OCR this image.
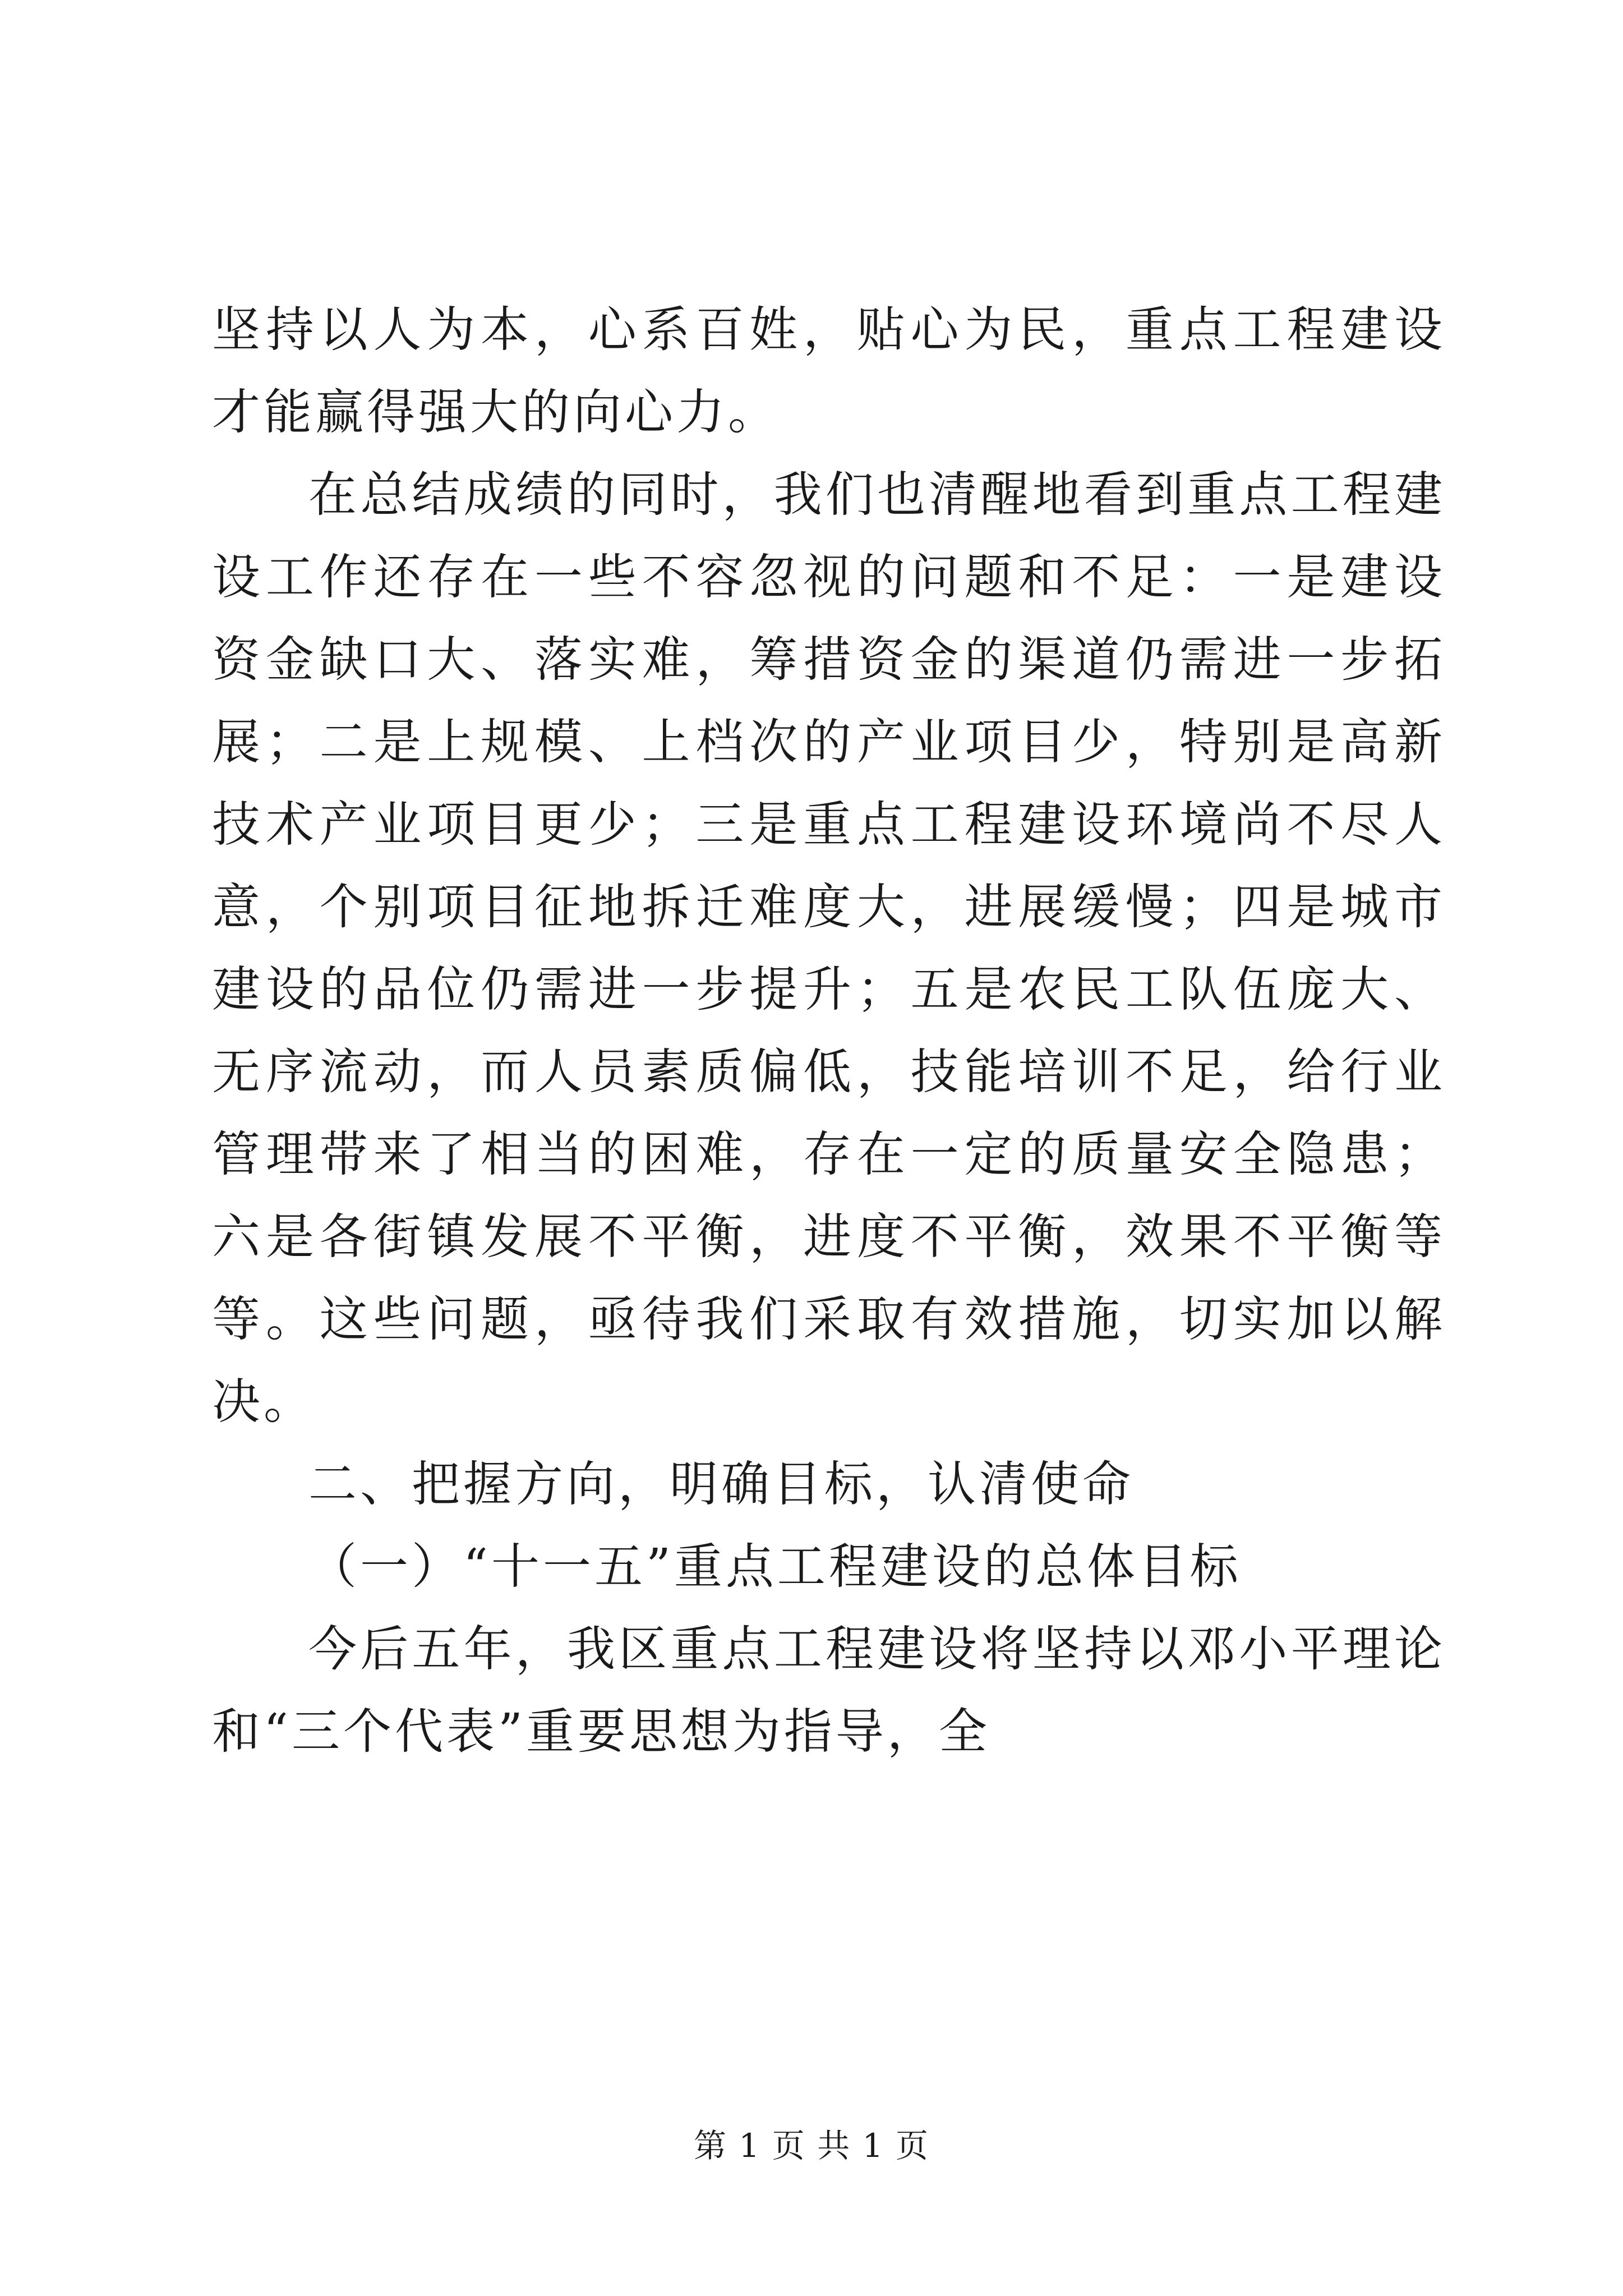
坚持以人为本，心系百姓，贴心为民，重点工程建设才能赢得强大的向心力。

在总结成绩的同时，我们也清醒地看到重点工程建设工作还存在一些不容忽视的问题和不足：一是建设资金缺口大、落实难，筹措资金的渠道仍需进一步拓展；二是上规模、上档次的产业项目少，特别是高新技术产业项目更少；三是重点工程建设环境尚不尽人意，个别项目征地拆迁难度大，进展缓慢；四是城市建设的品位仍需进一步提升；五是农民工队伍庞大、无序流动，而人员素质偏低，技能培训不足，给行业管理带来了相当的困难，存在一定的质量安全隐患；六是各街镇发展不平衡，进度不平衡，效果不平衡等等。这些问题，亟待我们采取有效措施，切实加以解决。

二、把握方向，明确目标，认清使命

（一）“十一五”重点工程建设的总体目标

今后五年，我区重点工程建设将坚持以邓小平理论和“三个代表”重要思想为指导，全

第 1 页 共 1 页
